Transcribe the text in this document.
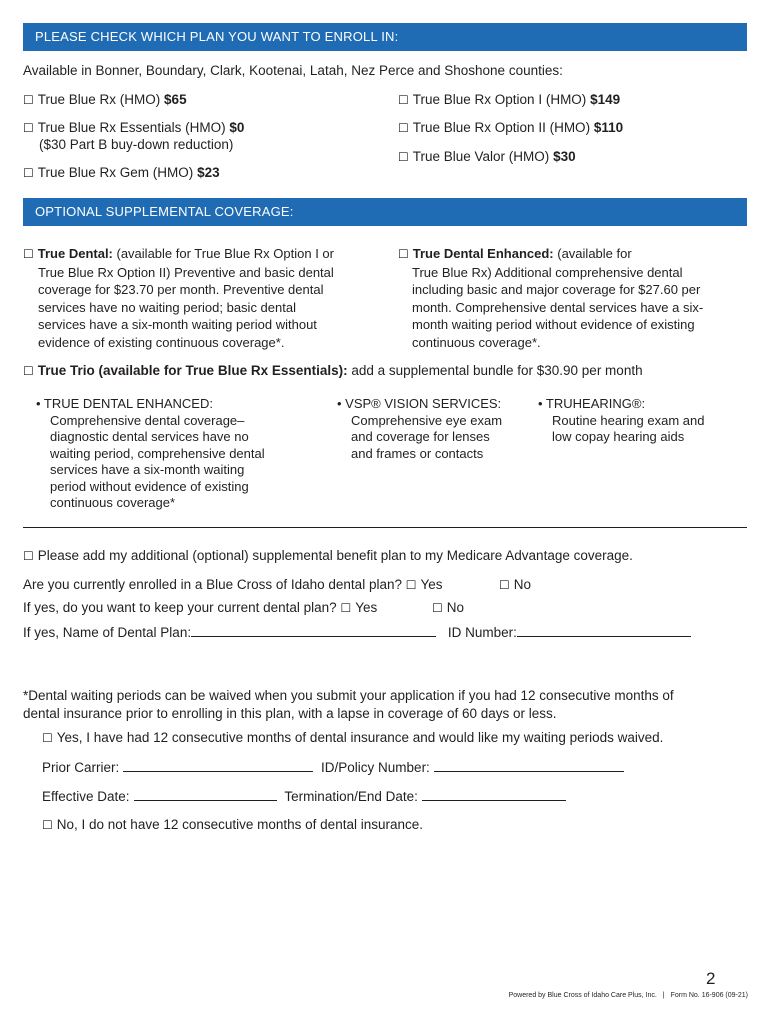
PLEASE CHECK WHICH PLAN YOU WANT TO ENROLL IN:
Available in Bonner, Boundary, Clark, Kootenai, Latah, Nez Perce and Shoshone counties:
☐ True Blue Rx (HMO) $65	☐ True Blue Rx Option I (HMO) $149
☐ True Blue Rx Essentials (HMO) $0
($30 Part B buy-down reduction)
☐ True Blue Rx Option II (HMO) $110
☐ True Blue Valor (HMO) $30
☐ True Blue Rx Gem (HMO) $23
OPTIONAL SUPPLEMENTAL COVERAGE:
☐ True Dental: (available for True Blue Rx Option I or
True Blue Rx Option II) Preventive and basic dental
coverage for $23.70 per month. Preventive dental
services have no waiting period; basic dental
services have a six-month waiting period without
evidence of existing continuous coverage*.
☐ True Dental Enhanced: (available for
True Blue Rx) Additional comprehensive dental
including basic and major coverage for $27.60 per
month. Comprehensive dental services have a six-
month waiting period without evidence of existing
continuous coverage*.
☐ True Trio (available for True Blue Rx Essentials): add a supplemental bundle for $30.90 per month
• TRUE DENTAL ENHANCED:
Comprehensive dental coverage–
diagnostic dental services have no
waiting period, comprehensive dental
services have a six-month waiting
period without evidence of existing
continuous coverage*
• VSP® VISION SERVICES:
Comprehensive eye exam
and coverage for lenses
and frames or contacts
• TRUHEARING®:
Routine hearing exam and
low copay hearing aids
☐ Please add my additional (optional) supplemental benefit plan to my Medicare Advantage coverage.
Are you currently enrolled in a Blue Cross of Idaho dental plan? ☐ Yes	☐ No
If yes, do you want to keep your current dental plan? ☐ Yes	☐ No
If yes, Name of Dental Plan:	ID Number:
*Dental waiting periods can be waived when you submit your application if you had 12 consecutive months of
dental insurance prior to enrolling in this plan, with a lapse in coverage of 60 days or less.
☐ Yes, I have had 12 consecutive months of dental insurance and would like my waiting periods waived.
Prior Carrier:	ID/Policy Number:
Effective Date:	Termination/End Date:
☐ No, I do not have 12 consecutive months of dental insurance.
2
Powered by Blue Cross of Idaho Care Plus, Inc. | Form No. 16-906 (09-21)
